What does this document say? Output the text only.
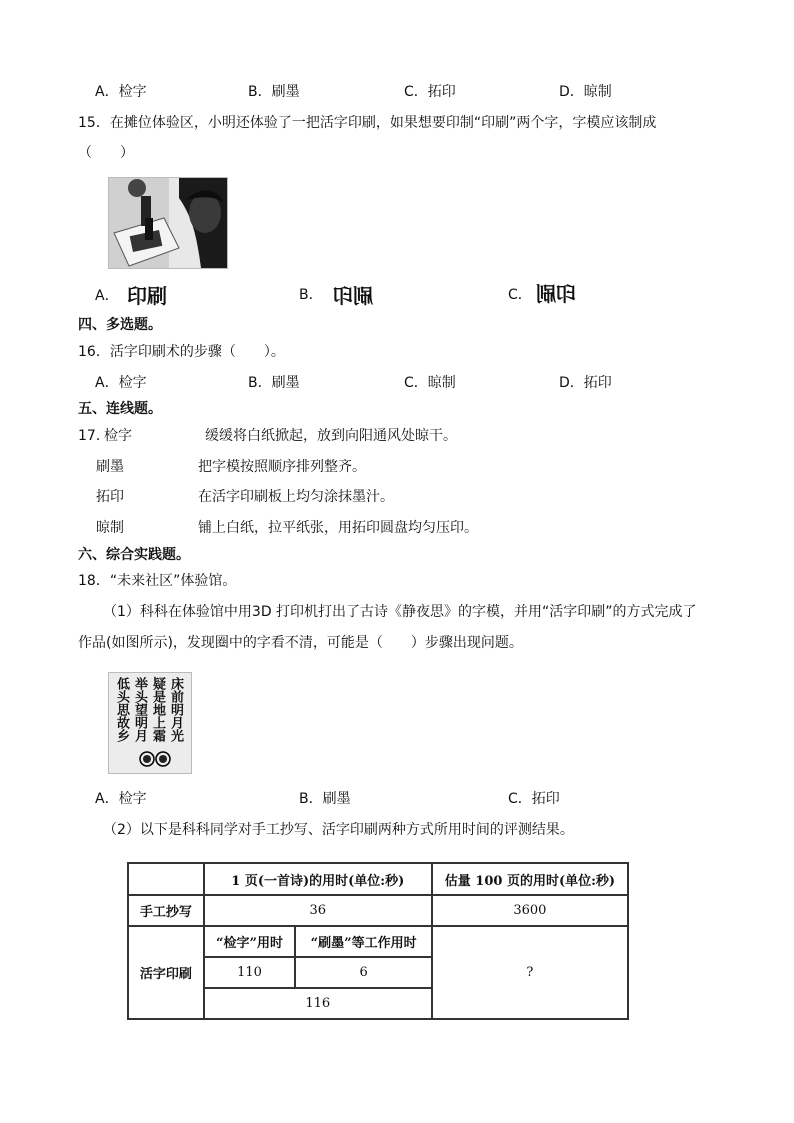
A．检字	B．刷墨	C．拓印	D．晾制
15．在摊位体验区，小明还体验了一把活字印刷，如果想要印制“印刷”两个字，字模应该制成
（　　）
A． 印刷	B． 刷印	C． 印刷
四、多选题。
16．活字印刷术的步骤（　　）。
A．检字	B．刷墨	C．晾制	D．拓印
五、连线题。
17．
检字	缓缓将白纸掀起，放到向阳通风处晾干。
刷墨	把字模按照顺序排列整齐。
拓印	在活字印刷板上均匀涂抹墨汁。
晾制	铺上白纸，拉平纸张，用拓印圆盘均匀压印。
六、综合实践题。
18．“未来社区”体验馆。
（1）科科在体验馆中用3D 打印机打出了古诗《静夜思》的字模，并用“活字印刷”的方式完成了
作品(如图所示)，发现圈中的字看不清，可能是（　　）步骤出现问题。
床前明月光
疑是地上霜
举头望明月
低头思故乡
A．检字	B．刷墨	C．拓印
（2）以下是科科同学对手工抄写、活字印刷两种方式所用时间的评测结果。
	1 页(一首诗)的用时(单位:秒)		估量 100 页的用时(单位:秒)
手工抄写	36		3600
活字印刷	“检字”用时	“刷墨”等工作用时	?
	110	6	
	116		
